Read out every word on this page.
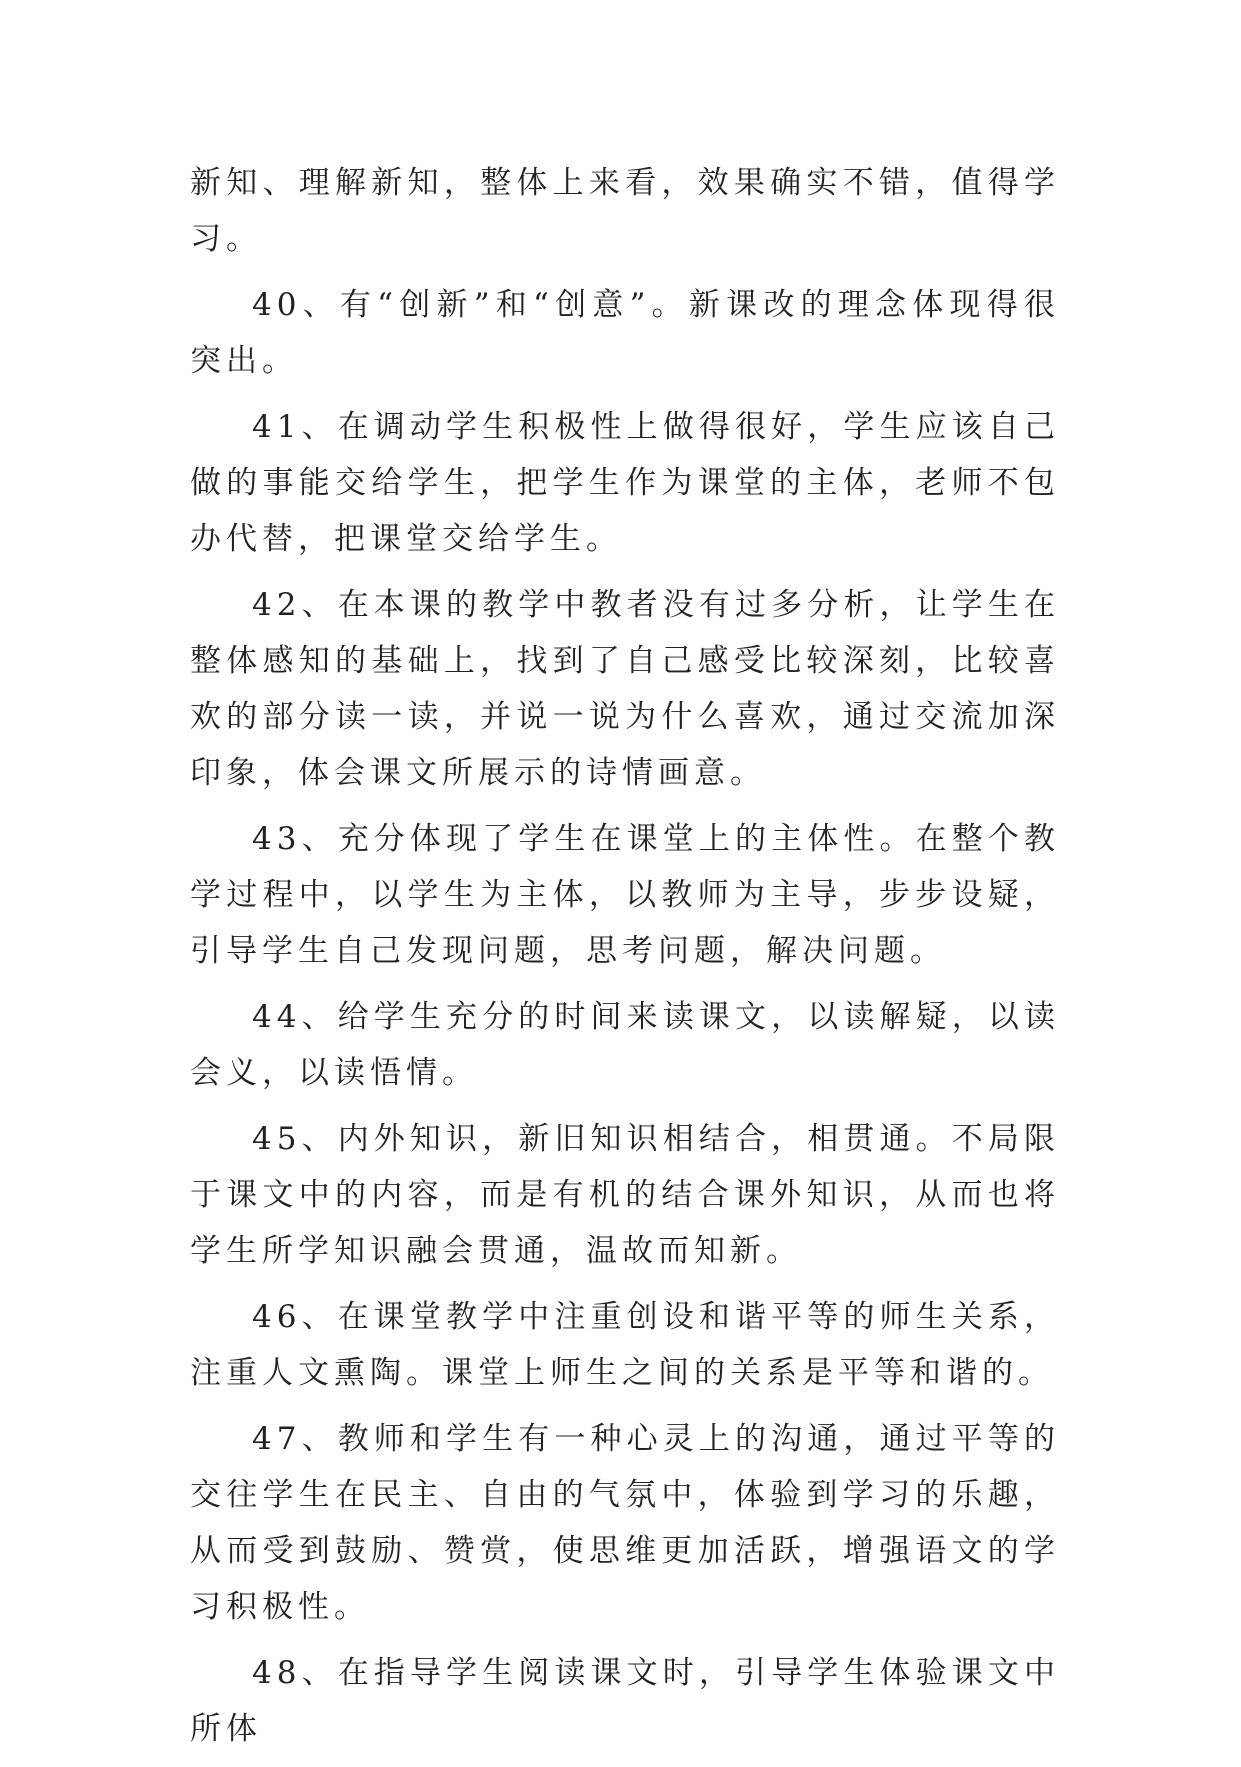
新知、理解新知，整体上来看，效果确实不错，值得学习。

40、有“创新”和“创意”。新课改的理念体现得很突出。

41、在调动学生积极性上做得很好，学生应该自己做的事能交给学生，把学生作为课堂的主体，老师不包办代替，把课堂交给学生。

42、在本课的教学中教者没有过多分析，让学生在整体感知的基础上，找到了自己感受比较深刻，比较喜欢的部分读一读，并说一说为什么喜欢，通过交流加深印象，体会课文所展示的诗情画意。

43、充分体现了学生在课堂上的主体性。在整个教学过程中，以学生为主体，以教师为主导，步步设疑，引导学生自己发现问题，思考问题，解决问题。

44、给学生充分的时间来读课文，以读解疑，以读会义，以读悟情。

45、内外知识，新旧知识相结合，相贯通。不局限于课文中的内容，而是有机的结合课外知识，从而也将学生所学知识融会贯通，温故而知新。

46、在课堂教学中注重创设和谐平等的师生关系，注重人文熏陶。课堂上师生之间的关系是平等和谐的。

47、教师和学生有一种心灵上的沟通，通过平等的交往学生在民主、自由的气氛中，体验到学习的乐趣，从而受到鼓励、赞赏，使思维更加活跃，增强语文的学习积极性。

48、在指导学生阅读课文时，引导学生体验课文中所体
